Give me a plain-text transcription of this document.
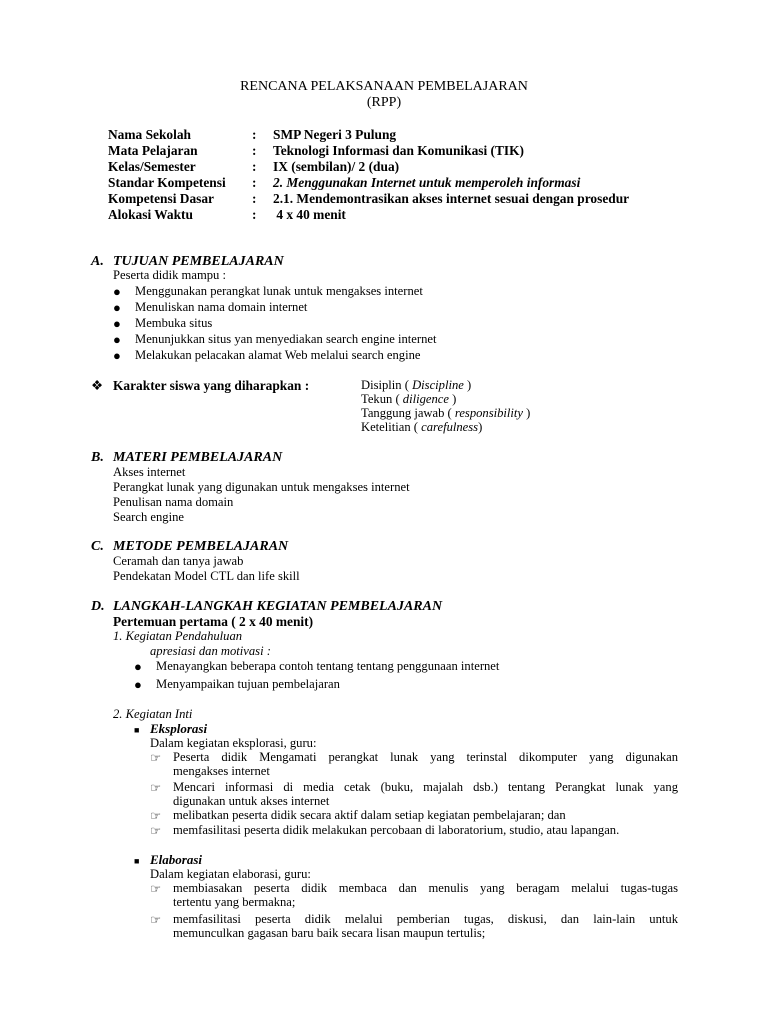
RENCANA PELAKSANAAN PEMBELAJARAN
(RPP)
Nama Sekolah	: SMP Negeri 3 Pulung
Mata Pelajaran	: Teknologi Informasi dan Komunikasi (TIK)
Kelas/Semester	: IX (sembilan)/ 2 (dua)
Standar Kompetensi : 2. Menggunakan Internet untuk memperoleh informasi
Kompetensi Dasar	: 2.1. Mendemontrasikan akses internet sesuai dengan prosedur
Alokasi Waktu	: 4 x 40 menit
A. TUJUAN PEMBELAJARAN
Peserta didik mampu :
● Menggunakan perangkat lunak untuk mengakses internet
● Menuliskan nama domain internet
● Membuka situs
● Menunjukkan situs yan menyediakan search engine internet
● Melakukan pelacakan alamat Web melalui search engine
❖ Karakter siswa yang diharapkan :	Disiplin ( Discipline )
Tekun ( diligence )
Tanggung jawab ( responsibility )
Ketelitian ( carefulness)
B. MATERI PEMBELAJARAN
Akses internet
Perangkat lunak yang digunakan untuk mengakses internet
Penulisan nama domain
Search engine
C. METODE PEMBELAJARAN
Ceramah dan tanya jawab
Pendekatan Model CTL dan life skill
D. LANGKAH-LANGKAH KEGIATAN PEMBELAJARAN
Pertemuan pertama ( 2 x 40 menit)
1. Kegiatan Pendahuluan
apresiasi dan motivasi :
● Menayangkan beberapa contoh tentang tentang penggunaan internet
● Menyampaikan tujuan pembelajaran
2. Kegiatan Inti
■ Eksplorasi
Dalam kegiatan eksplorasi, guru:
☞ Peserta didik Mengamati perangkat lunak yang terinstal dikomputer yang digunakan
mengakses internet
☞ Mencari informasi di media cetak (buku, majalah dsb.) tentang Perangkat lunak yang
digunakan untuk akses internet
☞ melibatkan peserta didik secara aktif dalam setiap kegiatan pembelajaran; dan
☞ memfasilitasi peserta didik melakukan percobaan di laboratorium, studio, atau lapangan.
■ Elaborasi
Dalam kegiatan elaborasi, guru:
☞ membiasakan peserta didik membaca dan menulis yang beragam melalui tugas-tugas
tertentu yang bermakna;
☞ memfasilitasi peserta didik melalui pemberian tugas, diskusi, dan lain-lain untuk
memunculkan gagasan baru baik secara lisan maupun tertulis;
